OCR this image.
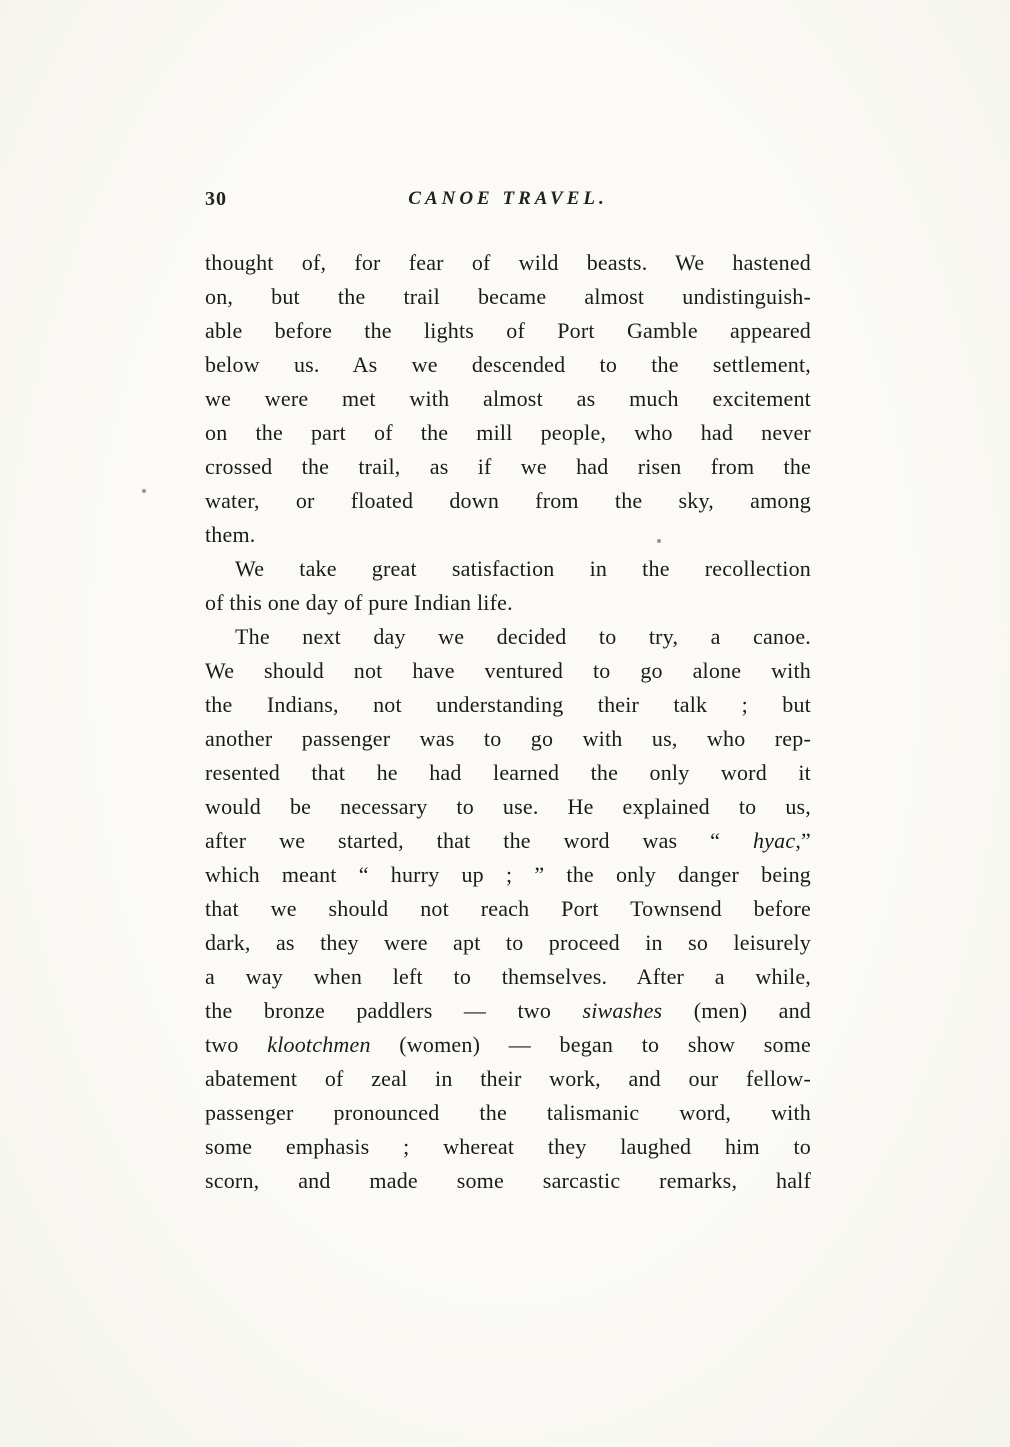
30	CANOE TRAVEL.
thought of, for fear of wild beasts. We hastened
on, but the trail became almost undistinguish-
able before the lights of Port Gamble appeared
below us. As we descended to the settlement,
we were met with almost as much excitement
on the part of the mill people, who had never
crossed the trail, as if we had risen from the
water, or floated down from the sky, among
them.
We take great satisfaction in the recollection
of this one day of pure Indian life.
The next day we decided to try, a canoe.
We should not have ventured to go alone with
the Indians, not understanding their talk ; but
another passenger was to go with us, who rep-
resented that he had learned the only word it
would be necessary to use. He explained to us,
after we started, that the word was “ hyac,”
which meant “ hurry up ; ” the only danger being
that we should not reach Port Townsend before
dark, as they were apt to proceed in so leisurely
a way when left to themselves. After a while,
the bronze paddlers — two siwashes (men) and
two klootchmen (women) — began to show some
abatement of zeal in their work, and our fellow-
passenger pronounced the talismanic word, with
some emphasis ; whereat they laughed him to
scorn, and made some sarcastic remarks, half
